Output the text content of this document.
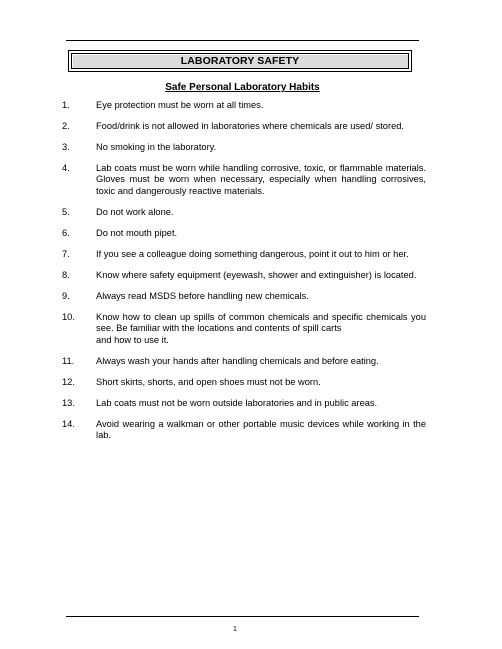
LABORATORY SAFETY
Safe Personal Laboratory Habits
1.	Eye protection must be worn at all times.
2.	Food/drink is not allowed in laboratories where chemicals are used/ stored.
3.	No smoking in the laboratory.
4.	Lab coats must be worn while handling corrosive, toxic, or flammable materials. Gloves must be worn when necessary, especially when handling corrosives, toxic and dangerously reactive materials.
5.	Do not work alone.
6.	Do not mouth pipet.
7.	If you see a colleague doing something dangerous, point it out to him or her.
8.	Know where safety equipment (eyewash, shower and extinguisher) is located.
9.	Always read MSDS before handling new chemicals.
10.	Know how to clean up spills of common chemicals and specific chemicals you see. Be familiar with the locations and contents of spill carts
and how to use it.
11.	Always wash your hands after handling chemicals and before eating.
12.	Short skirts, shorts, and open shoes must not be worn.
13.	Lab coats must not be worn outside laboratories and in public areas.
14.	Avoid wearing a walkman or other portable music devices while working in the lab.
1
